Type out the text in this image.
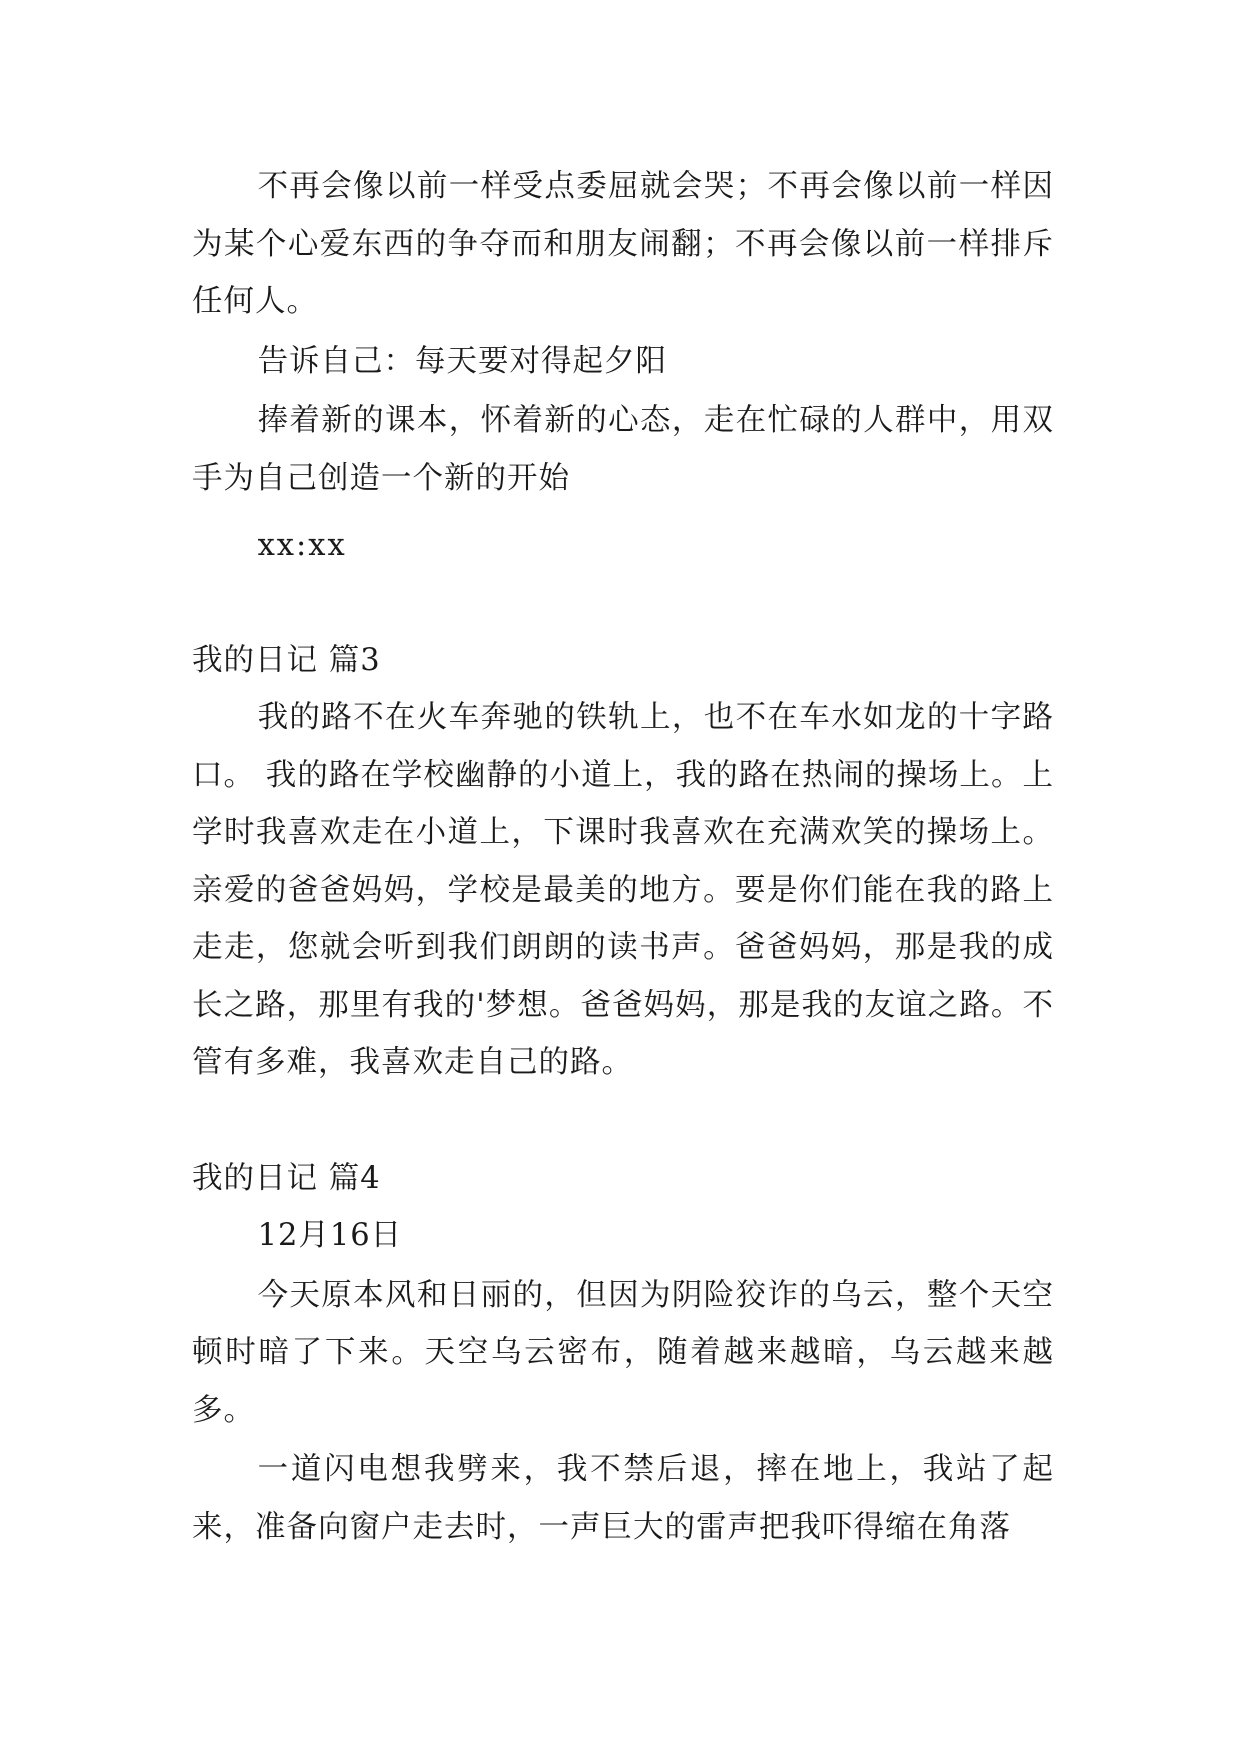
不再会像以前一样受点委屈就会哭；不再会像以前一样因为某个心爱东西的争夺而和朋友闹翻；不再会像以前一样排斥任何人。

告诉自己：每天要对得起夕阳

捧着新的课本，怀着新的心态，走在忙碌的人群中，用双手为自己创造一个新的开始

xx:xx

我的日记 篇3

我的路不在火车奔驰的铁轨上，也不在车水如龙的十字路口。 我的路在学校幽静的小道上，我的路在热闹的操场上。上学时我喜欢走在小道上，下课时我喜欢在充满欢笑的操场上。亲爱的爸爸妈妈，学校是最美的地方。要是你们能在我的路上走走，您就会听到我们朗朗的读书声。爸爸妈妈，那是我的成长之路，那里有我的'梦想。爸爸妈妈，那是我的友谊之路。不管有多难，我喜欢走自己的路。

我的日记 篇4

12月16日

今天原本风和日丽的，但因为阴险狡诈的乌云，整个天空顿时暗了下来。天空乌云密布，随着越来越暗，乌云越来越多。

一道闪电想我劈来，我不禁后退，摔在地上，我站了起来，准备向窗户走去时，一声巨大的雷声把我吓得缩在角落
